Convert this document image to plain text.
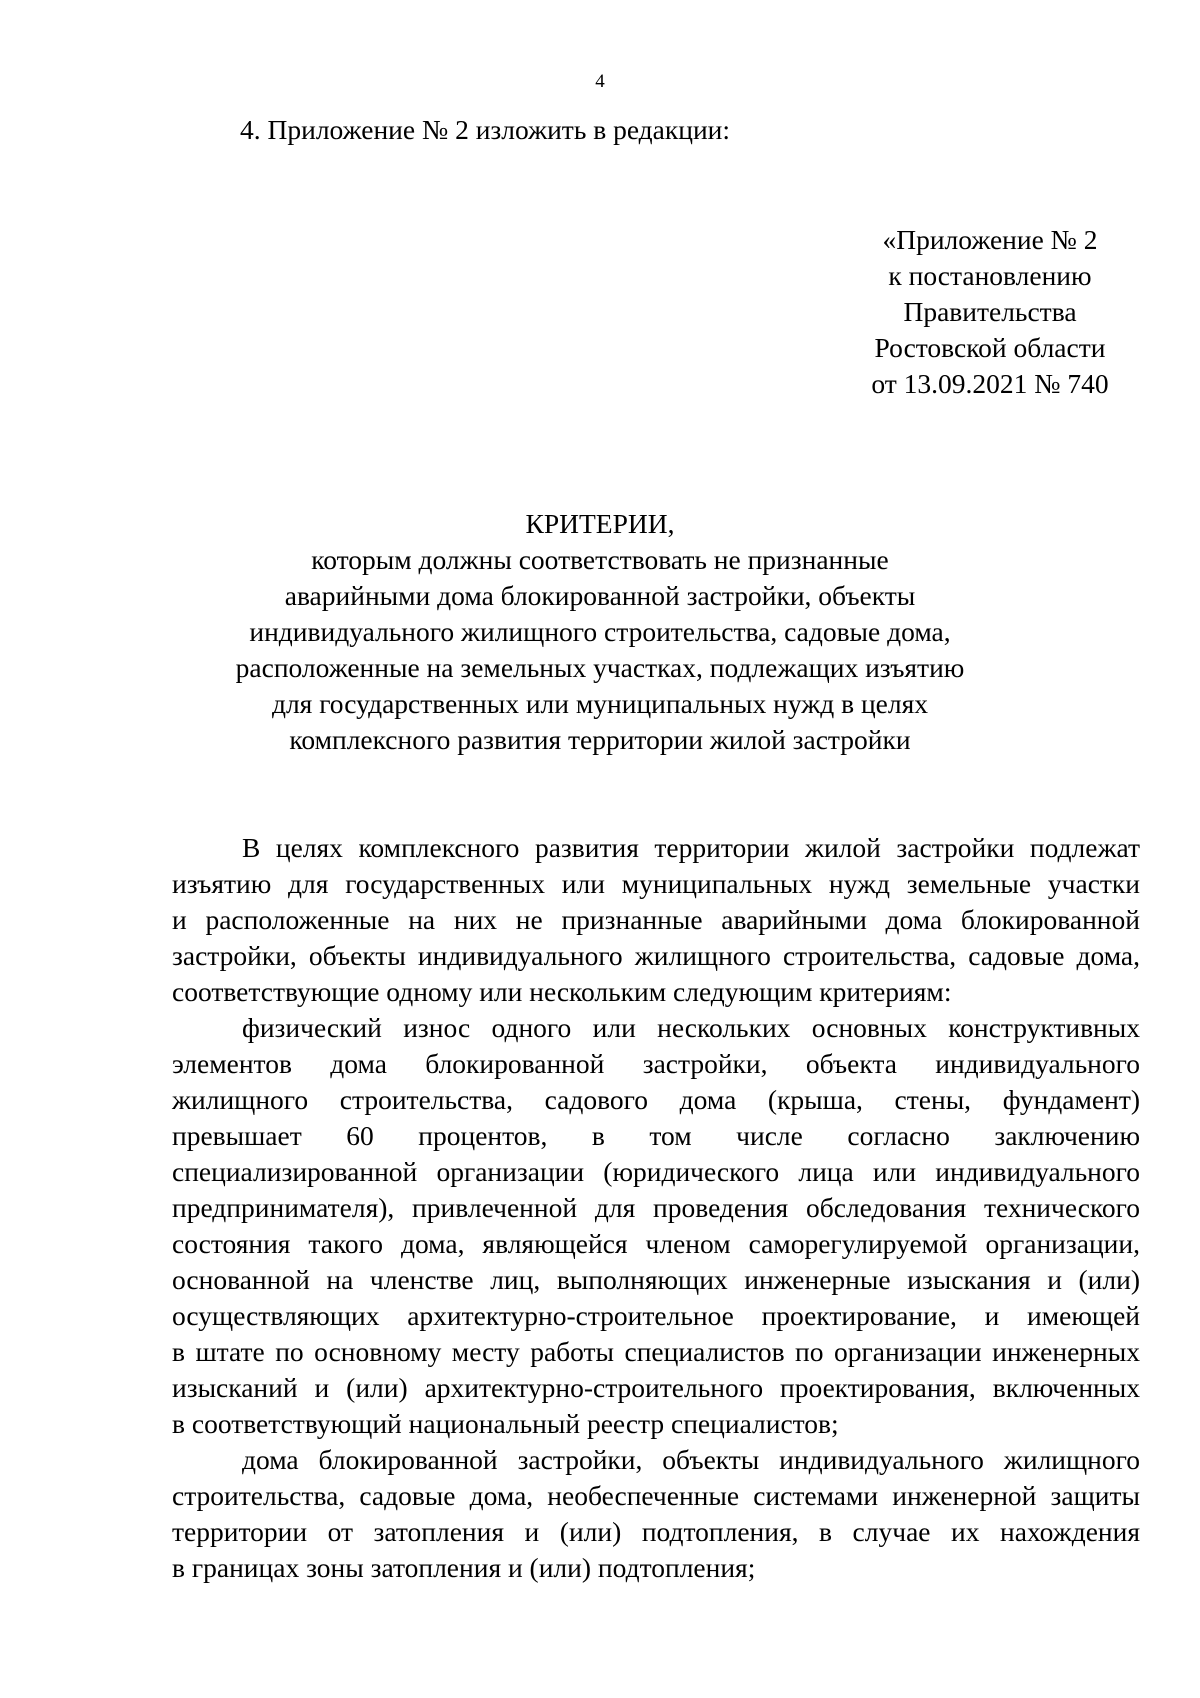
4
4. Приложение № 2 изложить в редакции:
«Приложение № 2
к постановлению
Правительства
Ростовской области
от 13.09.2021 № 740
КРИТЕРИИ,
которым должны соответствовать не признанные
аварийными дома блокированной застройки, объекты
индивидуального жилищного строительства, садовые дома,
расположенные на земельных участках, подлежащих изъятию
для государственных или муниципальных нужд в целях
комплексного развития территории жилой застройки
В целях комплексного развития территории жилой застройки подлежат
изъятию для государственных или муниципальных нужд земельные участки
и расположенные на них не признанные аварийными дома блокированной
застройки, объекты индивидуального жилищного строительства, садовые дома,
соответствующие одному или нескольким следующим критериям:
физический износ одного или нескольких основных конструктивных
элементов дома блокированной застройки, объекта индивидуального
жилищного строительства, садового дома (крыша, стены, фундамент)
превышает 60 процентов, в том числе согласно заключению
специализированной организации (юридического лица или индивидуального
предпринимателя), привлеченной для проведения обследования технического
состояния такого дома, являющейся членом саморегулируемой организации,
основанной на членстве лиц, выполняющих инженерные изыскания и (или)
осуществляющих архитектурно-строительное проектирование, и имеющей
в штате по основному месту работы специалистов по организации инженерных
изысканий и (или) архитектурно-строительного проектирования, включенных
в соответствующий национальный реестр специалистов;
дома блокированной застройки, объекты индивидуального жилищного
строительства, садовые дома, необеспеченные системами инженерной защиты
территории от затопления и (или) подтопления, в случае их нахождения
в границах зоны затопления и (или) подтопления;
